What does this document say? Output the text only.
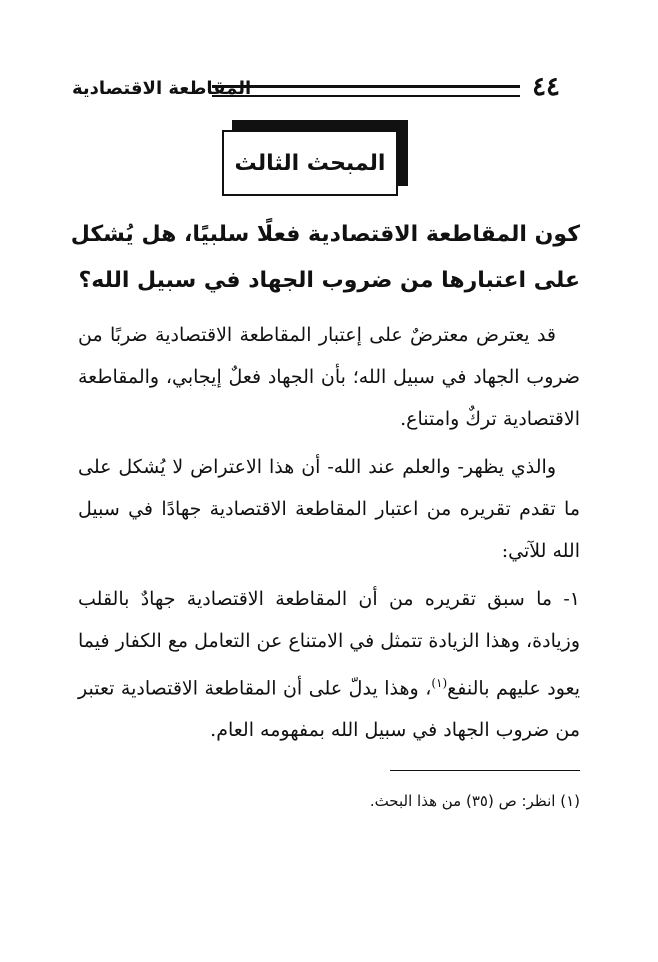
٤٤
المقاطعة الاقتصادية
المبحث الثالث
كون المقاطعة الاقتصادية فعلًا سلبيًا، هل يُشكل
على اعتبارها من ضروب الجهاد في سبيل الله؟

قد يعترض معترضٌ على إعتبار المقاطعة الاقتصادية ضربًا من ضروب الجهاد في سبيل الله؛ بأن الجهاد فعلٌ إيجابي، والمقاطعة الاقتصادية تركٌ وامتناع.

والذي يظهر- والعلم عند الله- أن هذا الاعتراض لا يُشكل على ما تقدم تقريره من اعتبار المقاطعة الاقتصادية جهادًا في سبيل الله للآتي:

١- ما سبق تقريره من أن المقاطعة الاقتصادية جهادٌ بالقلب وزيادة، وهذا الزيادة تتمثل في الامتناع عن التعامل مع الكفار فيما يعود عليهم بالنفع$^{(١)}$، وهذا يدلّ على أن المقاطعة الاقتصادية تعتبر من ضروب الجهاد في سبيل الله بمفهومه العام.

(١) انظر: ص (٣٥) من هذا البحث.
